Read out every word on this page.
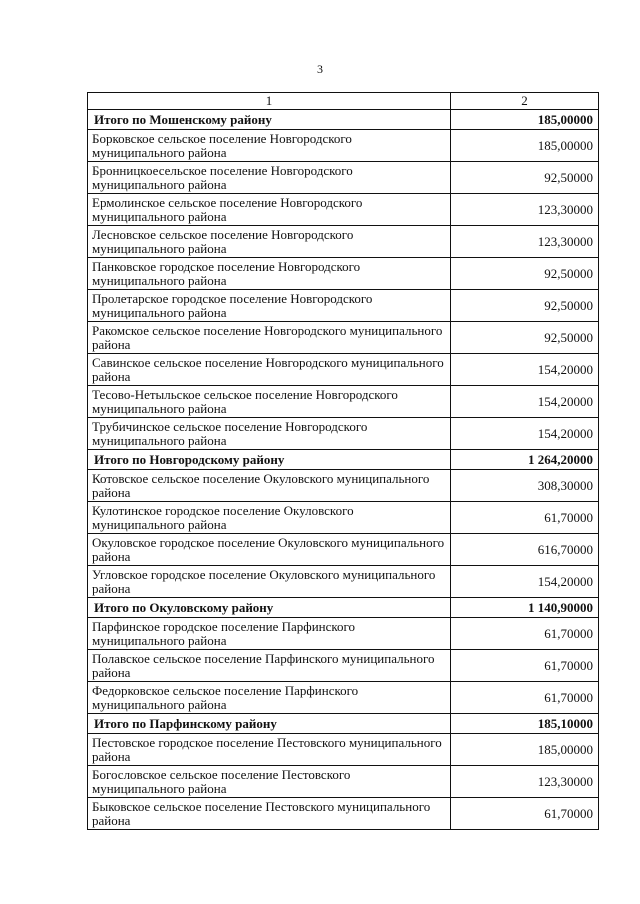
3
1	2
Итого по Мошенскому району	185,00000
Борковское сельское поселение Новгородского муниципального района	185,00000
Бронницкоесельское поселение Новгородского муниципального района	92,50000
Ермолинское сельское поселение Новгородского муниципального района	123,30000
Лесновское сельское поселение Новгородского муниципального района	123,30000
Панковское городское поселение Новгородского муниципального района	92,50000
Пролетарское городское поселение Новгородского муниципального района	92,50000
Ракомское сельское поселение Новгородского муниципального района	92,50000
Савинское сельское поселение Новгородского муниципального района	154,20000
Тесово-Нетыльское сельское поселение Новгородского муниципального района	154,20000
Трубичинское сельское поселение Новгородского муниципального района	154,20000
Итого по Новгородскому району	1 264,20000
Котовское сельское поселение Окуловского муниципального района	308,30000
Кулотинское городское поселение Окуловского муниципального района	61,70000
Окуловское городское поселение Окуловского муниципального района	616,70000
Угловское городское поселение Окуловского муниципального района	154,20000
Итого по Окуловскому району	1 140,90000
Парфинское городское поселение Парфинского муниципального района	61,70000
Полавское сельское поселение Парфинского муниципального района	61,70000
Федорковское сельское поселение Парфинского муниципального района	61,70000
Итого по Парфинскому району	185,10000
Пестовское городское поселение Пестовского муниципального района	185,00000
Богословское сельское поселение Пестовского муниципального района	123,30000
Быковское сельское поселение Пестовского муниципального района	61,70000
